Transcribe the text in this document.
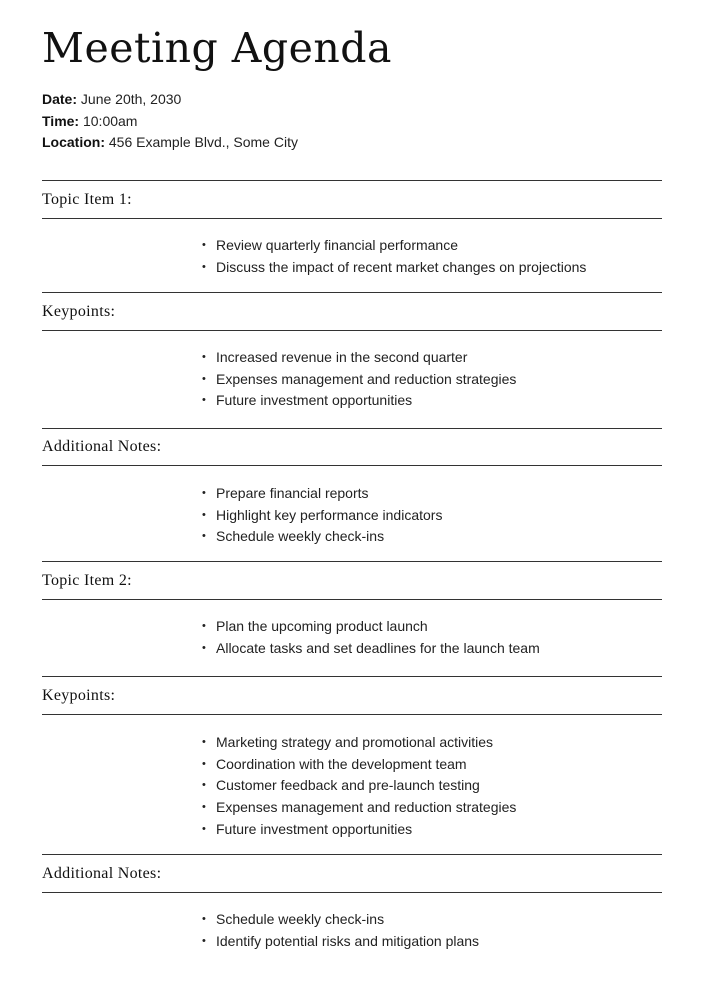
Meeting Agenda
Date: June 20th, 2030
Time: 10:00am
Location: 456 Example Blvd., Some City
Topic Item 1:
• Review quarterly financial performance
• Discuss the impact of recent market changes on projections
Keypoints:
• Increased revenue in the second quarter
• Expenses management and reduction strategies
• Future investment opportunities
Additional Notes:
• Prepare financial reports
• Highlight key performance indicators
• Schedule weekly check-ins
Topic Item 2:
• Plan the upcoming product launch
• Allocate tasks and set deadlines for the launch team
Keypoints:
• Marketing strategy and promotional activities
• Coordination with the development team
• Customer feedback and pre-launch testing
• Expenses management and reduction strategies
• Future investment opportunities
Additional Notes:
• Schedule weekly check-ins
• Identify potential risks and mitigation plans
